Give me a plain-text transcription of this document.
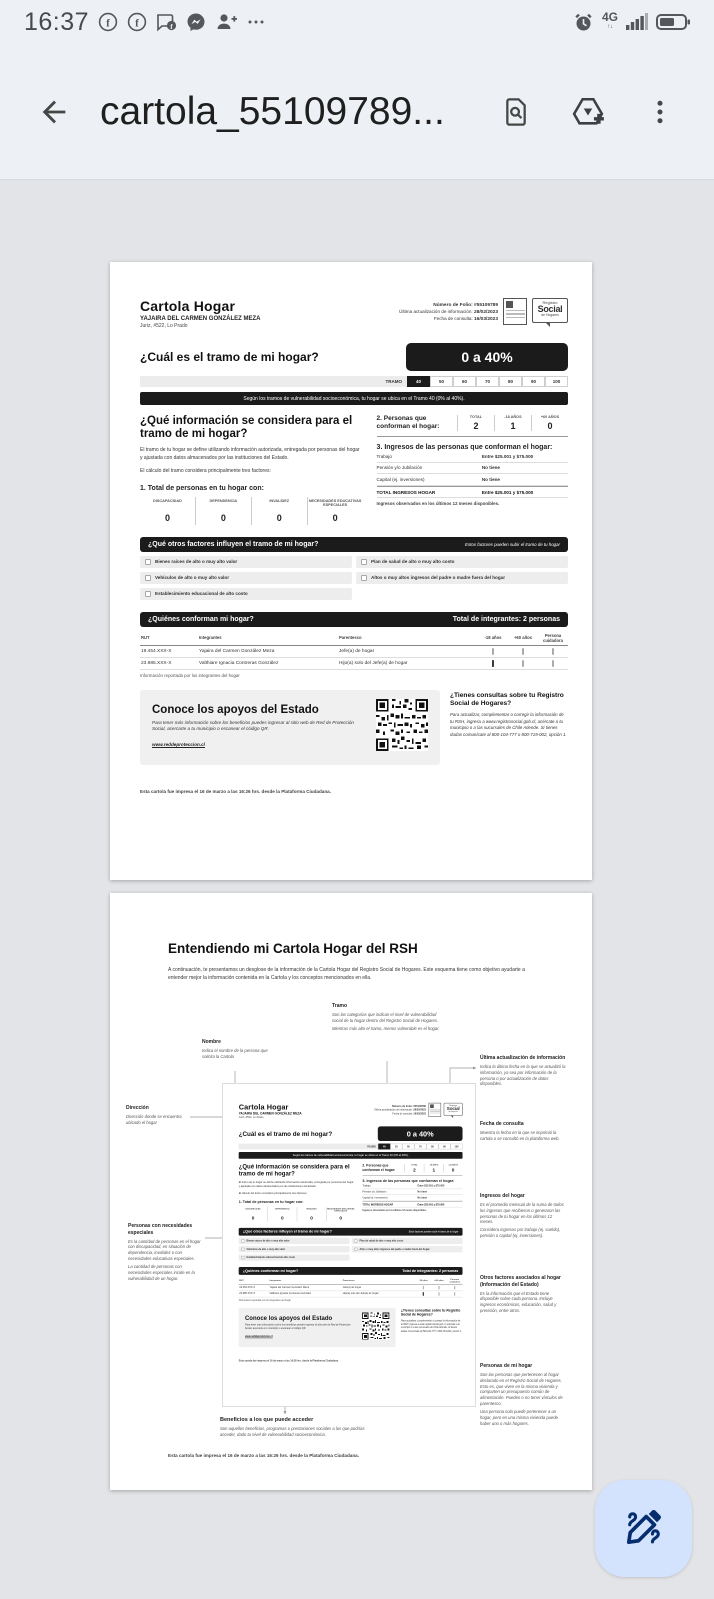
16:37 f f	f
4G
↑↓
cartola_55109789...
Cartola Hogar
YAJAIRA DEL CARMEN GONZÁLEZ MEZA
Juriz, #522, Lo Prado
Número de Folio: #55109789
Última actualización de información: 28/02/2023
Fecha de consulta: 16/03/2023
Registro
Social
de Hogares
¿Cuál es el tramo de mi hogar?	0 a 40%
TRAMO	40	50	60	70	80	90	100
Según los tramos de vulnerabilidad socioeconómica, tu hogar se ubica en el Tramo 40 (0% al 40%).
¿Qué información se considera para el tramo de mi hogar?

El tramo de tu hogar se define utilizando información autorizada, entregada por personas del hogar y ajustada con datos almacenados por las instituciones del Estado.

El cálculo del tramo considera principalmente tres factores:

1. Total de personas en tu hogar con:
DISCAPACIDAD
0
DEPENDENCIA
0
INVALIDEZ
0
NECESIDADES EDUCATIVAS ESPECIALES
0
2. Personas que conforman el hogar:
TOTAL
2
-18 AÑOS
1
+60 AÑOS
0
3. Ingresos de las personas que conforman el hogar:
Trabajo	Entre $25.001 y $75.000
Pensión y/o Jubilación	No tiene
Capital (ej. inversiones)	No tiene
TOTAL INGRESOS HOGAR	Entre $25.001 y $75.000
Ingresos observados en los últimos 12 meses disponibles.
¿Qué otros factores influyen el tramo de mi hogar?	Estos factores pueden subir el tramo de tu hogar
Bienes raíces de alto o muy alto valor	Plan de salud de alto o muy alto costo
Vehículos de alto o muy alto valor	Altos o muy altos ingresos del padre o madre fuera del hogar
Establecimiento educacional de alto costo
¿Quiénes conforman mi hogar?	Total de integrantes: 2 personas
RUT	Integrantes	Parentesco	-18 años	+60 años	Persona cuidadora
19.454.XXX-X	Yajaira del Carmen González Meza	Jefe(a) de hogar			
23.985.XXX-X	Valthiare Ignacia Contreras González	Hijo(a) solo del Jefe(a) de hogar	✓		
Información reportada por los integrantes del hogar
Conoce los apoyos del Estado
Para tener más información sobre los beneficios puedes ingresar al sitio web de Red de Protección Social, acercarte a tu municipio o escanear el código QR.
www.reddeproteccion.cl
¿Tienes consultas sobre tu Registro Social de Hogares?
Para actualizar, complementar o corregir la información de tu RSH, ingresa a www.registrosocial.gob.cl, acércate a tu municipio o a las sucursales de Chile Atiende. Si tienes dudas comunícate al 800-104-777 o 800-719-002, opción 1.
Esta cartola fue impresa el 16 de marzo a las 16:26 hrs. desde la Plataforma Ciudadana.
Entendiendo mi Cartola Hogar del RSH
A continuación, te presentamos un desglose de la información de la Cartola Hogar del Registro Social de Hogares. Este esquema tiene como objetivo ayudarte a entender mejor la información contenida en la Cartola y los conceptos mencionados en ella.
Tramo

Son las categorías que indican el nivel de vulnerabilidad social de tu hogar dentro del Registro Social de Hogares.

Mientras más alto el tramo, menos vulnerable es el hogar.

Nombre

Indica el nombre de la persona que solicita la Cartola

Dirección

Dirección donde se encuentra ubicado el hogar

Personas con necesidades especiales

Es la cantidad de personas en el hogar con discapacidad, en situación de dependencia, invalidez o con necesidades educativas especiales.

La cantidad de personas con necesidades especiales incide en la vulnerabilidad de un hogar.

Última actualización de información

Indica la última fecha en la que se actualizó la información, ya sea por información de la persona o por actualización de datos disponibles.

Fecha de consulta

Muestra la fecha en la que se imprimió la cartola o se consultó en la plataforma web.

Ingresos del hogar

Es el promedio mensual de la suma de todos los ingresos que recibieron o generaron las personas de tu hogar en los últimos 12 meses.

Considera ingresos por trabajo (ej. sueldo), pensión o capital (ej. inversiones).

Otros factores asociados al hogar (Información del Estado)

Es la información que el Estado tiene disponible sobre cada persona. Incluye ingresos económicos, educación, salud y previsión, entre otros.

Personas de mi hogar

Son las personas que pertenecen al hogar declarado en el Registro Social de Hogares. Esto es, que viven en la misma vivienda y comparten un presupuesto común de alimentación. Pueden o no tener vínculos de parentesco.

Una persona sola puede pertenecer a un hogar, pero en una misma vivienda puede haber uno o más hogares.

Beneficios a los que puede acceder

Son aquellos beneficios, programas o prestaciones sociales a los que podrías acceder, dado tu nivel de vulnerabilidad socioeconómica.

Cartola Hogar
YAJAIRA DEL CARMEN GONZÁLEZ MEZA
Juriz, #522, Lo Prado
Número de Folio: #55109789
Última actualización de información: 28/02/2023
Fecha de consulta: 16/03/2023
Registro
Social
de Hogares
¿Cuál es el tramo de mi hogar?	0 a 40%
TRAMO	40	50	60	70	80	90	100
Según los tramos de vulnerabilidad socioeconómica, tu hogar se ubica en el Tramo 40 (0% al 40%).
¿Qué información se considera para el tramo de mi hogar?

El tramo de tu hogar se define utilizando información autorizada, entregada por personas del hogar y ajustada con datos almacenados por las instituciones del Estado.

El cálculo del tramo considera principalmente tres factores:

1. Total de personas en tu hogar con:
DISCAPACIDAD
0
DEPENDENCIA
0
INVALIDEZ
0
NECESIDADES EDUCATIVAS ESPECIALES
0
2. Personas que conforman el hogar:
TOTAL
2
-18 AÑOS
1
+60 AÑOS
0
3. Ingresos de las personas que conforman el hogar:
Trabajo	Entre $25.001 y $75.000
Pensión y/o Jubilación	No tiene
Capital (ej. inversiones)	No tiene
TOTAL INGRESOS HOGAR	Entre $25.001 y $75.000
Ingresos observados en los últimos 12 meses disponibles.
¿Qué otros factores influyen el tramo de mi hogar?	Estos factores pueden subir el tramo de tu hogar
Bienes raíces de alto o muy alto valor	Plan de salud de alto o muy alto costo
Vehículos de alto o muy alto valor	Altos o muy altos ingresos del padre o madre fuera del hogar
Establecimiento educacional de alto costo
¿Quiénes conforman mi hogar?	Total de integrantes: 2 personas
RUT	Integrantes	Parentesco	-18 años	+60 años	Persona cuidadora
19.454.XXX-X	Yajaira del Carmen González Meza	Jefe(a) de hogar			
23.985.XXX-X	Valthiare Ignacia Contreras González	Hijo(a) solo del Jefe(a) de hogar	✓		
Información reportada por los integrantes del hogar
Conoce los apoyos del Estado
Para tener más información sobre los beneficios puedes ingresar al sitio web de Red de Protección Social, acercarte a tu municipio o escanear el código QR.
www.reddeproteccion.cl
¿Tienes consultas sobre tu Registro Social de Hogares?
Para actualizar, complementar o corregir la información de tu RSH, ingresa a www.registrosocial.gob.cl, acércate a tu municipio o a las sucursales de Chile Atiende. Si tienes dudas comunícate al 800-104-777 o 800-719-002, opción 1.
Esta cartola fue impresa el 16 de marzo a las 16:26 hrs. desde la Plataforma Ciudadana.
Esta cartola fue impresa el 16 de marzo a las 16:26 hrs. desde la Plataforma Ciudadana.
